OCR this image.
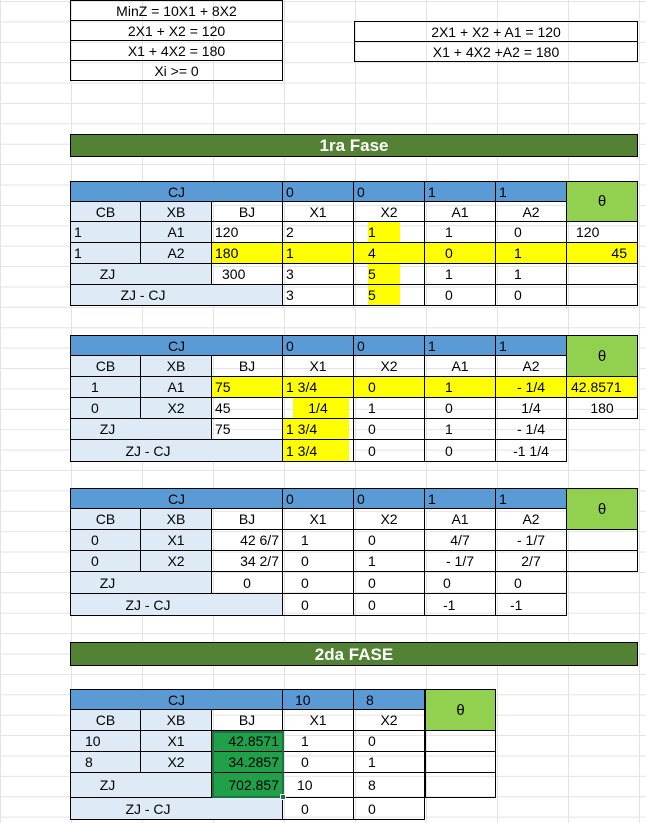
MinZ = 10X1 + 8X2
2X1 + X2 = 120
X1 + 4X2 = 180
Xi >= 0
2X1 + X2 + A1 = 120
X1 + 4X2 +A2 = 180
1ra Fase
CJ	0	0	1	1
θ
CB	XB	BJ	X1	X2	A1	A2
1	A1	120	2	1	1	0	120
1	A2	180	1	4	0	1	45
ZJ	300	3	5	1	1
ZJ - CJ	3	5	0	0
CJ	0	0	1	1
θ
CB	XB	BJ	X1	X2	A1	A2
1	A1	75	1 3/4	0	1	- 1/4	42.8571
0	X2	45	1/4	1	0	1/4	180
ZJ	75	1 3/4	0	1	- 1/4
ZJ - CJ	1 3/4	0	0	-1 1/4
CJ	0	0	1	1
θ
CB	XB	BJ	X1	X2	A1	A2
0	X1	42 6/7	1	0	4/7	- 1/7
0	X2	34 2/7	0	1	- 1/7	2/7
ZJ	0	0	0	0	0
ZJ - CJ	0	0	-1	-1
2da FASE
CJ	10	8
θ
CB	XB	BJ	X1	X2
10	X1	42.8571	1	0
8	X2	34.2857	0	1
ZJ	702.857	10	8
ZJ - CJ	0	0
